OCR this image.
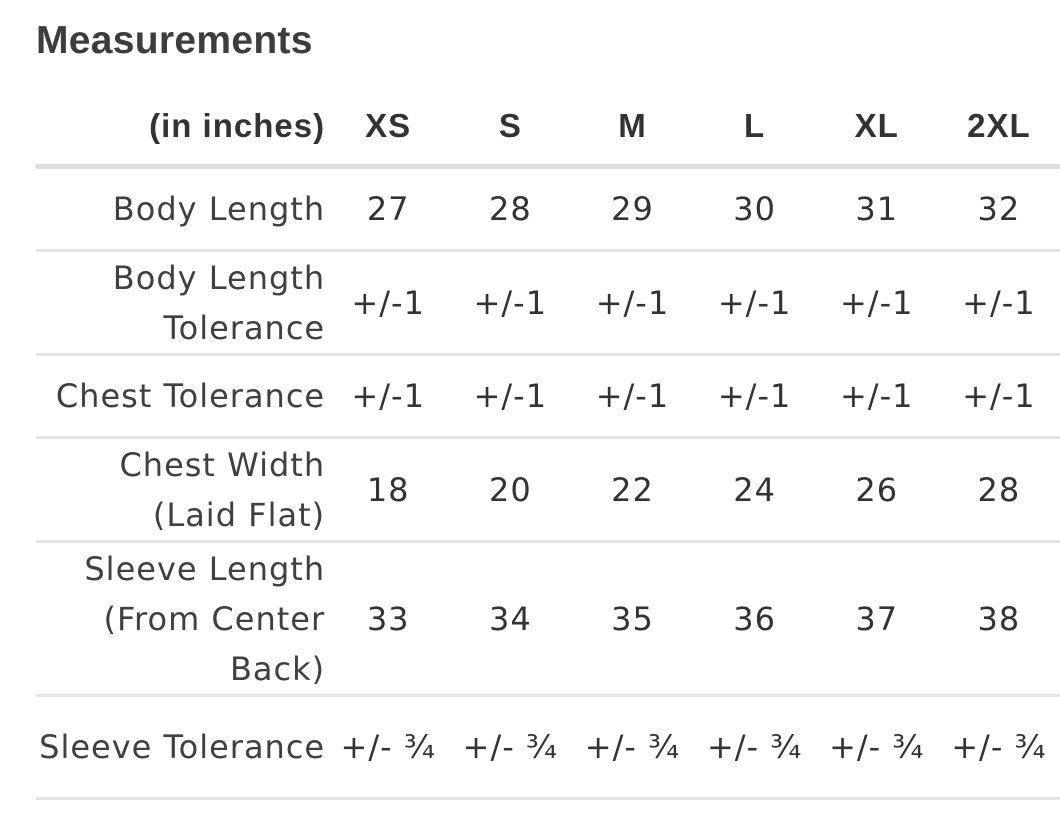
Measurements
(in inches)	XS	S	M	L	XL	2XL
Body Length	27	28	29	30	31	32
Body Length Tolerance	+/-1	+/-1	+/-1	+/-1	+/-1	+/-1
Chest Tolerance	+/-1	+/-1	+/-1	+/-1	+/-1	+/-1
Chest Width (Laid Flat)	18	20	22	24	26	28
Sleeve Length (From Center Back)	33	34	35	36	37	38
Sleeve Tolerance	+/- ¾	+/- ¾	+/- ¾	+/- ¾	+/- ¾	+/- ¾
